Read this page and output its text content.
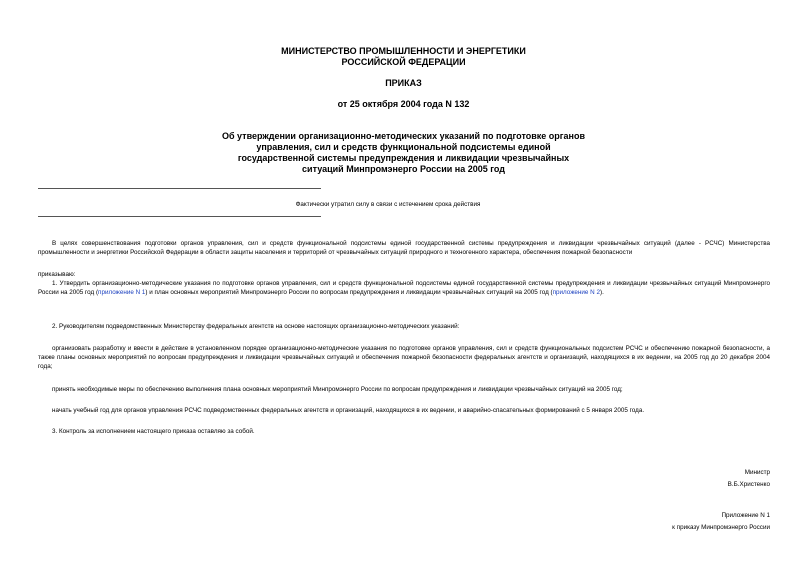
МИНИСТЕРСТВО ПРОМЫШЛЕННОСТИ И ЭНЕРГЕТИКИ
РОССИЙСКОЙ ФЕДЕРАЦИИ
ПРИКАЗ
от 25 октября 2004 года N 132
Об утверждении организационно-методических указаний по подготовке органов
управления, сил и средств функциональной подсистемы единой
государственной системы предупреждения и ликвидации чрезвычайных
ситуаций Минпромэнерго России на 2005 год
Фактически утратил силу в связи с истечением срока действия
В целях совершенствования подготовки органов управления, сил и средств функциональной подсистемы единой государственной системы предупреждения и ликвидации чрезвычайных ситуаций (далее - РСЧС) Министерства промышленности и энергетики Российской Федерации в области защиты населения и территорий от чрезвычайных ситуаций природного и техногенного характера, обеспечения пожарной безопасности
приказываю:
1. Утвердить организационно-методические указания по подготовке органов управления, сил и средств функциональной подсистемы единой государственной системы предупреждения и ликвидации чрезвычайных ситуаций Минпромэнерго России на 2005 год (приложение N 1) и план основных мероприятий Минпромэнерго России по вопросам предупреждения и ликвидации чрезвычайных ситуаций на 2005 год (приложение N 2).
2. Руководителям подведомственных Министерству федеральных агентств на основе настоящих организационно-методических указаний:
организовать разработку и ввести в действие в установленном порядке организационно-методические указания по подготовке органов управления, сил и средств функциональных подсистем РСЧС и обеспечению пожарной безопасности, а также планы основных мероприятий по вопросам предупреждения и ликвидации чрезвычайных ситуаций и обеспечения пожарной безопасности федеральных агентств и организаций, находящихся в их ведении, на 2005 год до 20 декабря 2004 года;
принять необходимые меры по обеспечению выполнения плана основных мероприятий Минпромэнерго России по вопросам предупреждения и ликвидации чрезвычайных ситуаций на 2005 год;
начать учебный год для органов управления РСЧС подведомственных федеральных агентств и организаций, находящихся в их ведении, и аварийно-спасательных формирований с 5 января 2005 года.
3. Контроль за исполнением настоящего приказа оставляю за собой.
Министр
В.Б.Христенко
Приложение N 1
к приказу Минпромэнерго России
